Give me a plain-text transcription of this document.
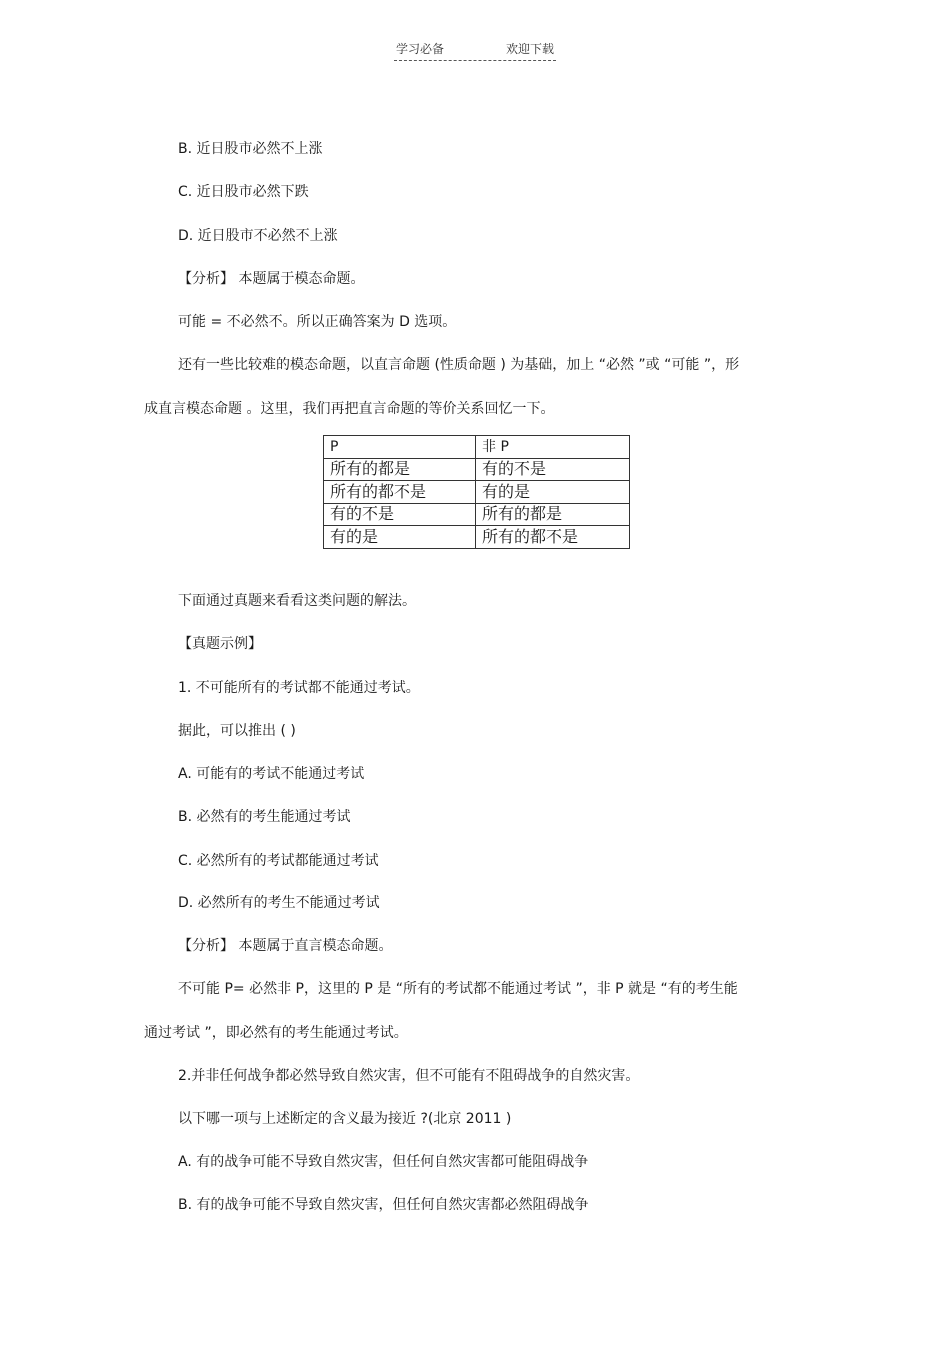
学习必备	欢迎下载
B. 近日股市必然不上涨
C. 近日股市必然下跌
D. 近日股市不必然不上涨
【分析】 本题属于模态命题。
可能 = 不必然不。所以正确答案为 D 选项。
还有一些比较难的模态命题，以直言命题 (性质命题 ) 为基础，加上 “必然 ”或 “可能 ”，形
成直言模态命题 。这里，我们再把直言命题的等价关系回忆一下。
P	非 P
所有的都是	有的不是
所有的都不是	有的是
有的不是	所有的都是
有的是	所有的都不是
下面通过真题来看看这类问题的解法。
【真题示例】
1. 不可能所有的考试都不能通过考试。
据此，可以推出 ( )
A. 可能有的考试不能通过考试
B. 必然有的考生能通过考试
C. 必然所有的考试都能通过考试
D. 必然所有的考生不能通过考试
【分析】 本题属于直言模态命题。
不可能 P= 必然非 P，这里的 P 是 “所有的考试都不能通过考试 ”，非 P 就是 “有的考生能
通过考试 ”，即必然有的考生能通过考试。
2.并非任何战争都必然导致自然灾害，但不可能有不阻碍战争的自然灾害。
以下哪一项与上述断定的含义最为接近 ?(北京 2011 )
A. 有的战争可能不导致自然灾害，但任何自然灾害都可能阻碍战争
B. 有的战争可能不导致自然灾害，但任何自然灾害都必然阻碍战争
